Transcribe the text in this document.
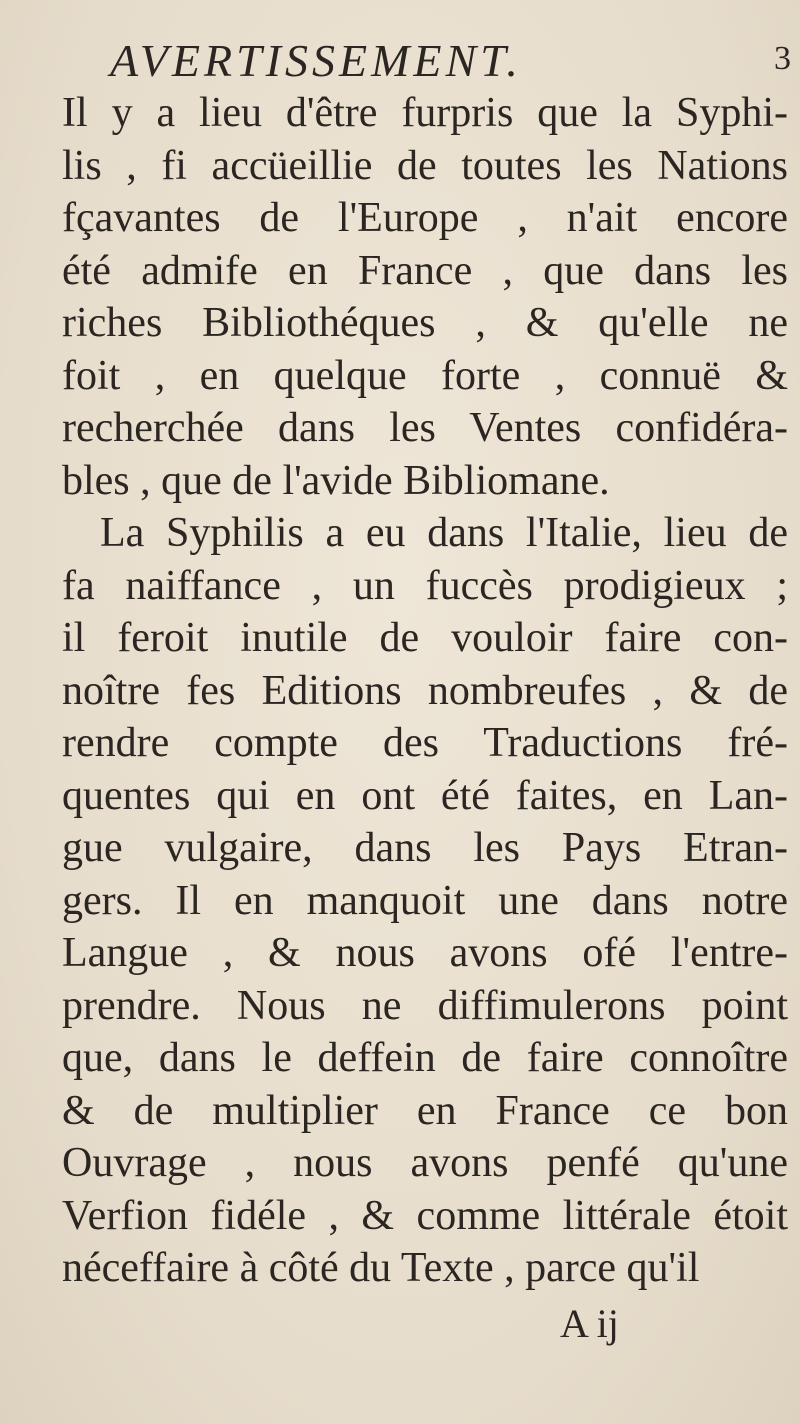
AVERTISSEMENT.	3
Il y a lieu d'être furpris que la Syphi-
lis , fi accüeillie de toutes les Nations
fçavantes de l'Europe , n'ait encore
été admife en France , que dans les
riches Bibliothéques , & qu'elle ne
foit , en quelque forte , connuë &
recherchée dans les Ventes confidéra-
bles , que de l'avide Bibliomane.
La Syphilis a eu dans l'Italie, lieu de
fa naiffance , un fuccès prodigieux ;
il feroit inutile de vouloir faire con-
noître fes Editions nombreufes , & de
rendre compte des Traductions fré-
quentes qui en ont été faites, en Lan-
gue vulgaire, dans les Pays Etran-
gers. Il en manquoit une dans notre
Langue , & nous avons ofé l'entre-
prendre. Nous ne diffimulerons point
que, dans le deffein de faire connoître
& de multiplier en France ce bon
Ouvrage , nous avons penfé qu'une
Verfion fidéle , & comme littérale étoit
néceffaire à côté du Texte , parce qu'il
A ij
